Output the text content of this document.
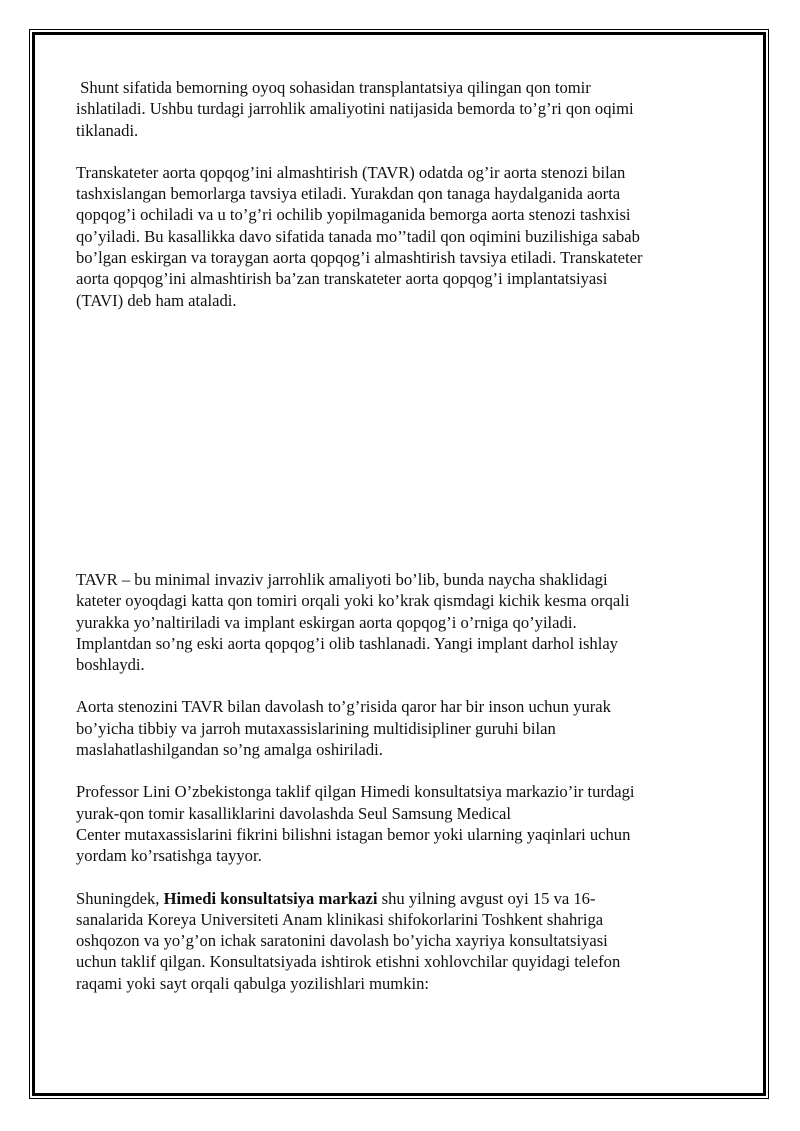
Shunt sifatida bemorning oyoq sohasidan transplantatsiya qilingan qon tomir
ishlatiladi. Ushbu turdagi jarrohlik amaliyotini natijasida bemorda to’g’ri qon oqimi
tiklanadi.

Transkateter aorta qopqog’ini almashtirish (TAVR) odatda og’ir aorta stenozi bilan
tashxislangan bemorlarga tavsiya etiladi. Yurakdan qon tanaga haydalganida aorta
qopqog’i ochiladi va u to’g’ri ochilib yopilmaganida bemorga aorta stenozi tashxisi
qo’yiladi. Bu kasallikka davo sifatida tanada mo’’tadil qon oqimini buzilishiga sabab
bo’lgan eskirgan va toraygan aorta qopqog’i almashtirish tavsiya etiladi. Transkateter
aorta qopqog’ini almashtirish ba’zan transkateter aorta qopqog’i implantatsiyasi
(TAVI) deb ham ataladi.

TAVR – bu minimal invaziv jarrohlik amaliyoti bo’lib, bunda naycha shaklidagi
kateter oyoqdagi katta qon tomiri orqali yoki ko’krak qismdagi kichik kesma orqali
yurakka yo’naltiriladi va implant eskirgan aorta qopqog’i o’rniga qo’yiladi.
Implantdan so’ng eski aorta qopqog’i olib tashlanadi. Yangi implant darhol ishlay
boshlaydi.

Aorta stenozini TAVR bilan davolash to’g’risida qaror har bir inson uchun yurak
bo’yicha tibbiy va jarroh mutaxassislarining multidisipliner guruhi bilan
maslahatlashilgandan so’ng amalga oshiriladi.

Professor Lini O’zbekistonga taklif qilgan Himedi konsultatsiya markazio’ir turdagi
yurak-qon tomir kasalliklarini davolashda Seul Samsung Medical
Center mutaxassislarini fikrini bilishni istagan bemor yoki ularning yaqinlari uchun
yordam ko’rsatishga tayyor.

Shuningdek, Himedi konsultatsiya markazi shu yilning avgust oyi 15 va 16-
sanalarida Koreya Universiteti Anam klinikasi shifokorlarini Toshkent shahriga
oshqozon va yo’g’on ichak saratonini davolash bo’yicha xayriya konsultatsiyasi
uchun taklif qilgan. Konsultatsiyada ishtirok etishni xohlovchilar quyidagi telefon
raqami yoki sayt orqali qabulga yozilishlari mumkin:
